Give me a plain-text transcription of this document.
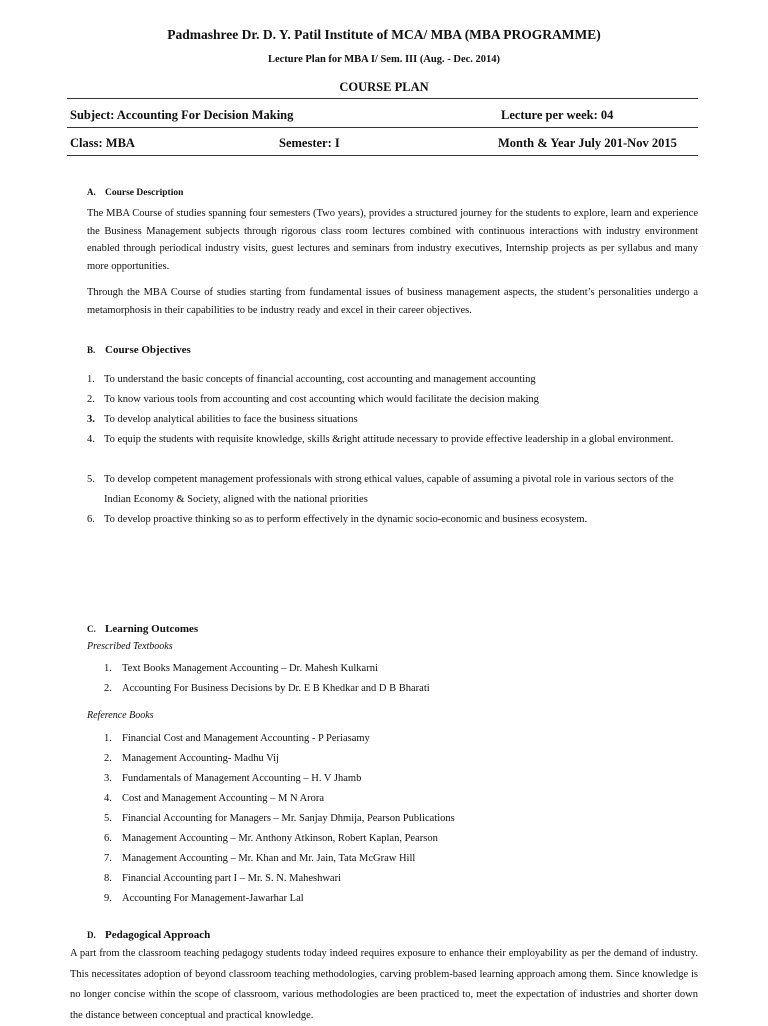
Padmashree Dr. D. Y. Patil Institute of MCA/ MBA (MBA PROGRAMME)
Lecture Plan for MBA I/ Sem. III (Aug. - Dec. 2014)
COURSE PLAN
Subject: Accounting For Decision Making	Lecture per week: 04
Class: MBA	Semester: I	Month & Year July 201-Nov 2015
A. Course Description
The MBA Course of studies spanning four semesters (Two years), provides a structured journey for the students to explore, learn and experience the Business Management subjects through rigorous class room lectures combined with continuous interactions with industry environment enabled through periodical industry visits, guest lectures and seminars from industry executives, Internship projects as per syllabus and many more opportunities.
Through the MBA Course of studies starting from fundamental issues of business management aspects, the student’s personalities undergo a metamorphosis in their capabilities to be industry ready and excel in their career objectives.
B. Course Objectives
1. To understand the basic concepts of financial accounting, cost accounting and management accounting
2. To know various tools from accounting and cost accounting which would facilitate the decision making
3. To develop analytical abilities to face the business situations
4. To equip the students with requisite knowledge, skills &right attitude necessary to provide effective leadership in a global environment.
5. To develop competent management professionals with strong ethical values, capable of assuming a pivotal role in various sectors of the Indian Economy & Society, aligned with the national priorities
6. To develop proactive thinking so as to perform effectively in the dynamic socio-economic and business ecosystem.
C. Learning Outcomes
Prescribed Textbooks
1. Text Books Management Accounting – Dr. Mahesh Kulkarni
2. Accounting For Business Decisions by Dr. E B Khedkar and D B Bharati
Reference Books
1. Financial Cost and Management Accounting - P Periasamy
2. Management Accounting- Madhu Vij
3. Fundamentals of Management Accounting – H. V Jhamb
4. Cost and Management Accounting – M N Arora
5. Financial Accounting for Managers – Mr. Sanjay Dhmija, Pearson Publications
6. Management Accounting – Mr. Anthony Atkinson, Robert Kaplan, Pearson
7. Management Accounting – Mr. Khan and Mr. Jain, Tata McGraw Hill
8. Financial Accounting part I – Mr. S. N. Maheshwari
9. Accounting For Management-Jawarhar Lal
D. Pedagogical Approach
A part from the classroom teaching pedagogy students today indeed requires exposure to enhance their employability as per the demand of industry. This necessitates adoption of beyond classroom teaching methodologies, carving problem-based learning approach among them. Since knowledge is no longer concise within the scope of classroom, various methodologies are been practiced to, meet the expectation of industries and shorter down the distance between conceptual and practical knowledge.
